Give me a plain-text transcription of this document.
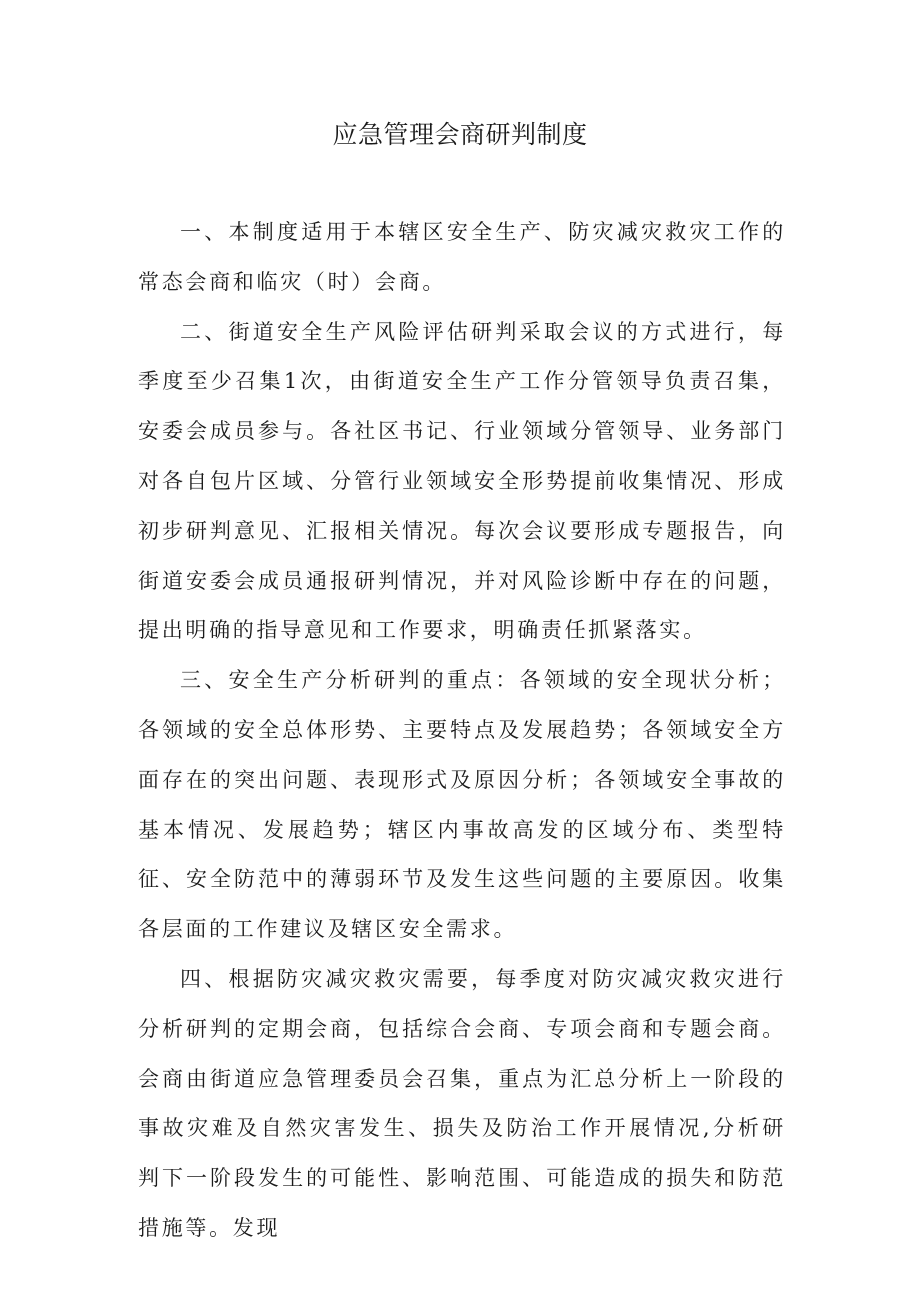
应急管理会商研判制度

一、本制度适用于本辖区安全生产、防灾减灾救灾工作的常态会商和临灾（时）会商。

二、街道安全生产风险评估研判采取会议的方式进行，每季度至少召集1次，由街道安全生产工作分管领导负责召集，安委会成员参与。各社区书记、行业领域分管领导、业务部门对各自包片区域、分管行业领域安全形势提前收集情况、形成初步研判意见、汇报相关情况。每次会议要形成专题报告，向街道安委会成员通报研判情况，并对风险诊断中存在的问题，提出明确的指导意见和工作要求，明确责任抓紧落实。

三、安全生产分析研判的重点：各领域的安全现状分析；各领域的安全总体形势、主要特点及发展趋势；各领域安全方面存在的突出问题、表现形式及原因分析；各领域安全事故的基本情况、发展趋势；辖区内事故高发的区域分布、类型特征、安全防范中的薄弱环节及发生这些问题的主要原因。收集各层面的工作建议及辖区安全需求。

四、根据防灾减灾救灾需要，每季度对防灾减灾救灾进行分析研判的定期会商，包括综合会商、专项会商和专题会商。会商由街道应急管理委员会召集，重点为汇总分析上一阶段的事故灾难及自然灾害发生、损失及防治工作开展情况,分析研判下一阶段发生的可能性、影响范围、可能造成的损失和防范措施等。发现
